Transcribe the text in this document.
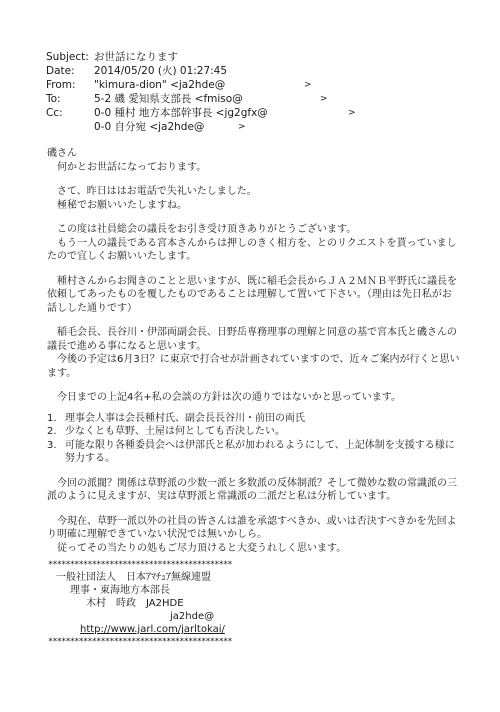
Subject: お世話になります
Date: 2014/05/20 (火) 01:27:45
From: "kimura-dion" <ja2hde@	>
To:	5-2 磯 愛知県支部長 <fmiso@	>
Cc:	0-0 種村 地方本部幹事長 <jg2gfx@	>
0-0 自分宛 <ja2hde@	>

磯さん
　何かとお世話になっております。

　さて、昨日ははお電話で失礼いたしました。
　極秘でお願いいたしますね。

　この度は社員総会の議長をお引き受け頂きありがとうございます。
　もう一人の議長である宮本さんからは押しのきく相方を、とのリクエストを貰っていましたので宜しくお願いいたします。

　種村さんからお聞きのことと思いますが、既に稲毛会長からＪＡ２ＭＮＢ平野氏に議長を依頼してあったものを覆したものであることは理解して置いて下さい。（理由は先日私がお話しした通りです）

　稲毛会長、長谷川・伊部両副会長、日野岳専務理事の理解と同意の基で宮本氏と磯さんの議長で進める事になると思います。
　今後の予定は6月3日？に東京で打合せが計画されていますので、近々ご案内が行くと思います。

　今日までの上記4名+私の会談の方針は次の通りではないかと思っています。

1. 理事会人事は会長種村氏、副会長長谷川・前田の両氏
2. 少なくとも草野、土屋は何としても否決したい。
3. 可能な限り各種委員会へは伊部氏と私が加われるようにして、上記体制を支援する様に努力する。

　今回の派閥？関係は草野派の少数一派と多数派の反体制派？そして微妙な数の常識派の三派のように見えますが、実は草野派と常識派の二派だと私は分析しています。

　今現在、草野一派以外の社員の皆さんは誰を承認すべきか、或いは否決すべきかを先回より明確に理解できていない状況では無いかしら。
　従ってその当たりの処もご尽力頂けると大変うれしく思います。

******************************************
一般社団法人　日本ｱﾏﾁｭｱ無線連盟
理事・東海地方本部長
木村　時政　JA2HDE
ja2hde@
http://www.jarl.com/jarltokai/
******************************************
